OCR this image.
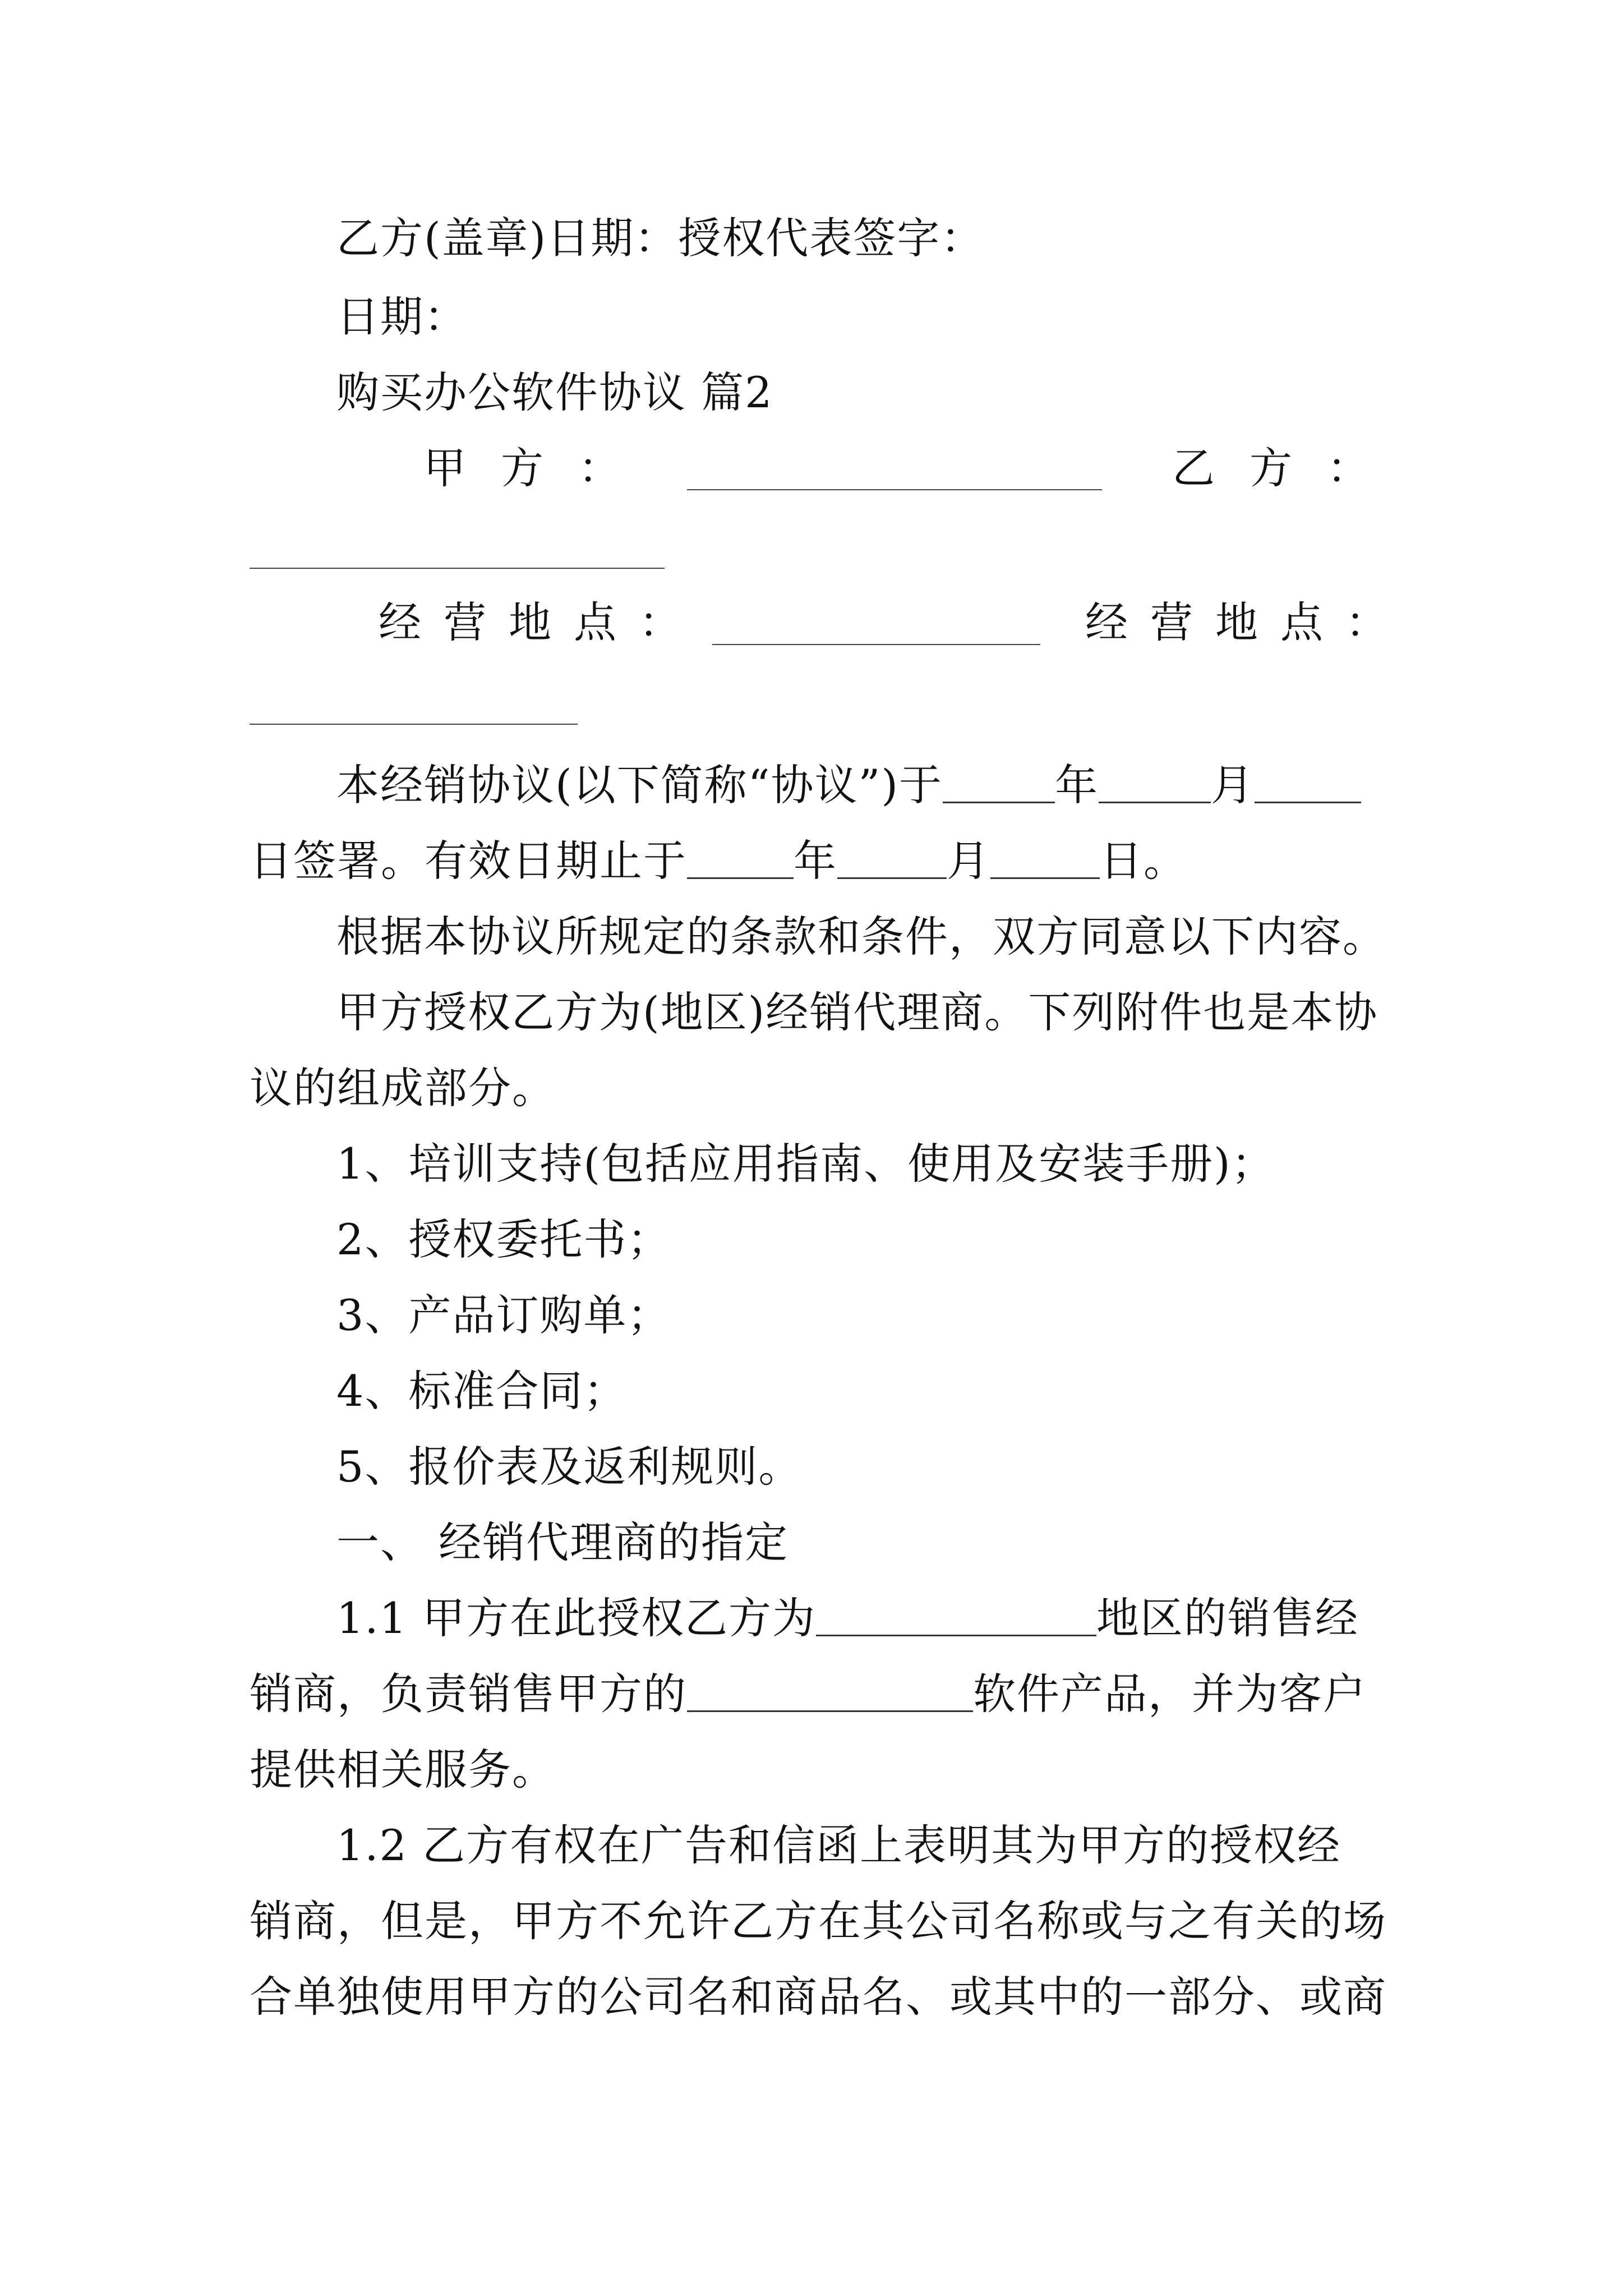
乙方(盖章)日期：授权代表签字：
日期：
购买办公软件协议 篇2
甲方：	乙方：
经营地点：	经营地点：
本经销协议(以下简称“协议”)于	年	月
日签署。有效日期止于	年	月	日。
根据本协议所规定的条款和条件，双方同意以下内容。
甲方授权乙方为(地区)经销代理商。下列附件也是本协
议的组成部分。
1、培训支持(包括应用指南、使用及安装手册)；
2、授权委托书；
3、产品订购单；
4、标准合同；
5、报价表及返利规则。
一、 经销代理商的指定
1.1 甲方在此授权乙方为	地区的销售经
销商，负责销售甲方的	软件产品，并为客户
提供相关服务。
1.2 乙方有权在广告和信函上表明其为甲方的授权经
销商，但是，甲方不允许乙方在其公司名称或与之有关的场
合单独使用甲方的公司名和商品名、或其中的一部分、或商
